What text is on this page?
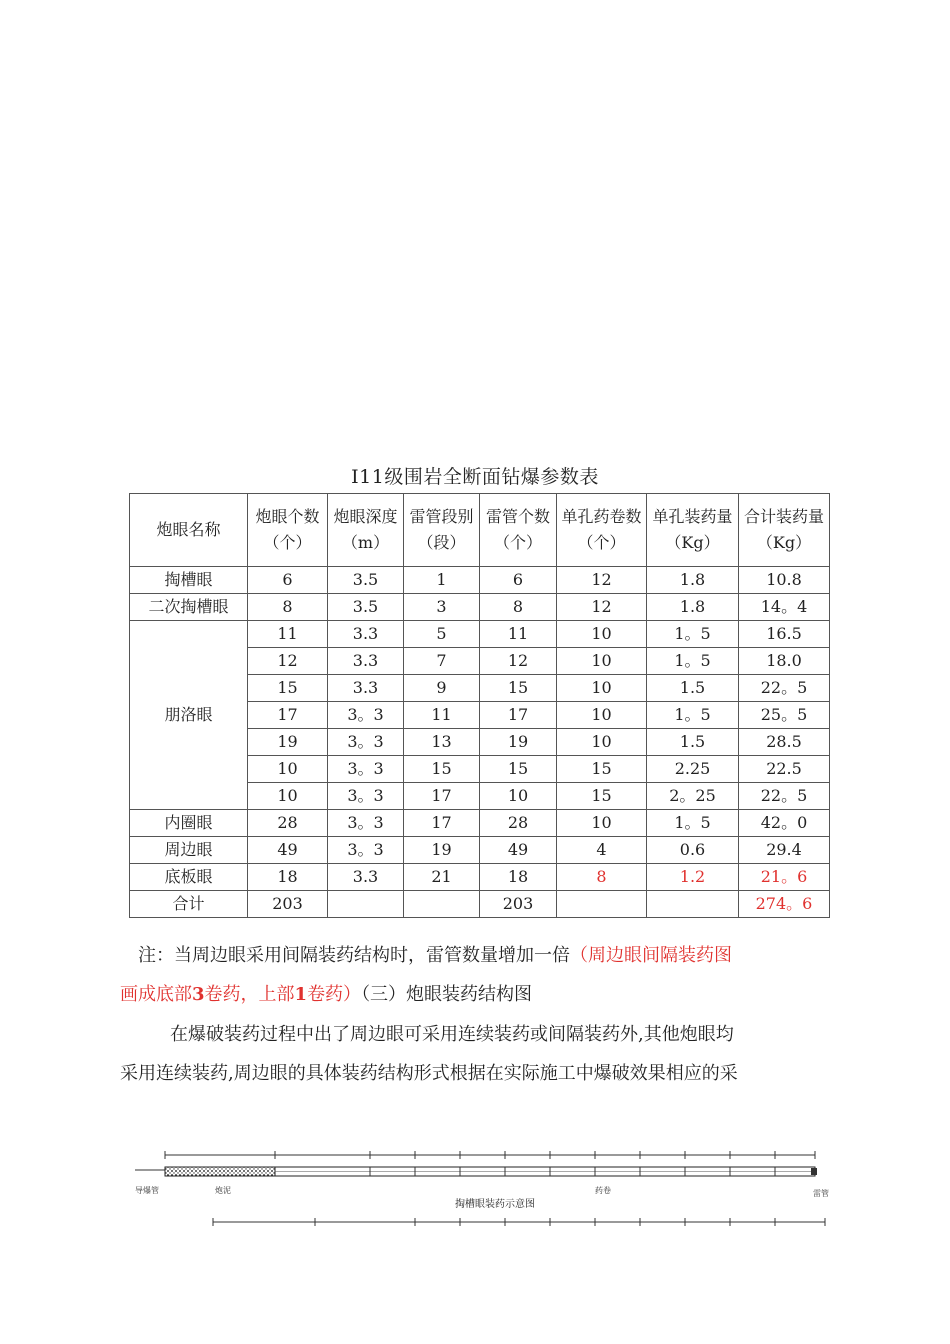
I11级围岩全断面钻爆参数表
炮眼名称	炮眼个数（个）	炮眼深度（m）	雷管段别（段）	雷管个数（个）	单孔药卷数（个）	单孔装药量（Kg）	合计装药量（Kg）
掏槽眼	6	3.5	1	6	12	1.8	10.8
二次掏槽眼	8	3.5	3	8	12	1.8	14。4
朋洛眼	11	3.3	5	11	10	1。5	16.5
	12	3.3	7	12	10	1。5	18.0
	15	3.3	9	15	10	1.5	22。5
	17	3。3	11	17	10	1。5	25。5
	19	3。3	13	19	10	1.5	28.5
	10	3。3	15	15	15	2.25	22.5
	10	3。3	17	10	15	2。25	22。5
内圈眼	28	3。3	17	28	10	1。5	42。0
周边眼	49	3。3	19	49	4	0.6	29.4
底板眼	18	3.3	21	18	8	1.2	21。6
合计	203			203			274。6
注：当周边眼采用间隔装药结构时，雷管数量增加一倍（周边眼间隔装药图
画成底部3卷药，上部1卷药）（三）炮眼装药结构图
在爆破装药过程中出了周边眼可采用连续装药或间隔装药外,其他炮眼均
采用连续装药,周边眼的具体装药结构形式根据在实际施工中爆破效果相应的采
导爆管	炮泥	药卷	雷管
掏槽眼装药示意图
